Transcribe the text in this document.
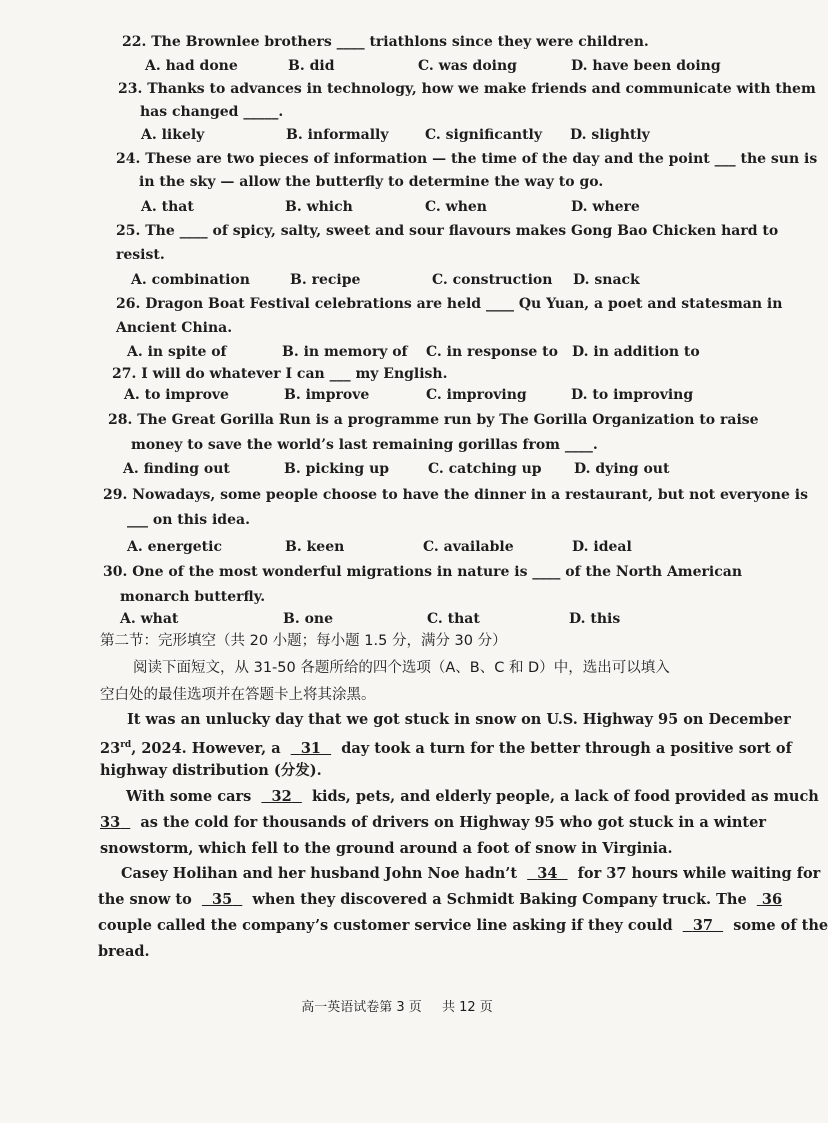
22. The Brownlee brothers ____ triathlons since they were children.
A. had done	B. did	C. was doing	D. have been doing
23. Thanks to advances in technology, how we make friends and communicate with them
has changed _____.
A. likely	B. informally	C. significantly D. slightly
24. These are two pieces of information — the time of the day and the point ___ the sun is
in the sky — allow the butterfly to determine the way to go.
A. that	B. which	C. when	D. where
25. The ____ of spicy, salty, sweet and sour flavours makes Gong Bao Chicken hard to
resist.
A. combination	B. recipe	C. construction D. snack
26. Dragon Boat Festival celebrations are held ____ Qu Yuan, a poet and statesman in
Ancient China.
A. in spite of	B. in memory of C. in response to D. in addition to
27. I will do whatever I can ___ my English.
A. to improve	B. improve	C. improving	D. to improving
28. The Great Gorilla Run is a programme run by The Gorilla Organization to raise
money to save the world’s last remaining gorillas from ____.
A. finding out	B. picking up	C. catching up D. dying out
29. Nowadays, some people choose to have the dinner in a restaurant, but not everyone is
___ on this idea.
A. energetic	B. keen	C. available	D. ideal
30. One of the most wonderful migrations in nature is ____ of the North American
monarch butterfly.
A. what	B. one	C. that	D. this
第二节：完形填空（共 20 小题；每小题 1.5 分，满分 30 分）
阅读下面短文，从 31-50 各题所给的四个选项（A、B、C 和 D）中，选出可以填入
空白处的最佳选项并在答题卡上将其涂黑。
It was an unlucky day that we got stuck in snow on U.S. Highway 95 on December
23rd, 2024. However, a 31 day took a turn for the better through a positive sort of
highway distribution (分发).
With some cars 32 kids, pets, and elderly people, a lack of food provided as much
33 as the cold for thousands of drivers on Highway 95 who got stuck in a winter
snowstorm, which fell to the ground around a foot of snow in Virginia.
Casey Holihan and her husband John Noe hadn’t 34 for 37 hours while waiting for
the snow to 35 when they discovered a Schmidt Baking Company truck. The 36
couple called the company’s customer service line asking if they could 37 some of the
bread.
高一英语试卷第 3 页 共 12 页
